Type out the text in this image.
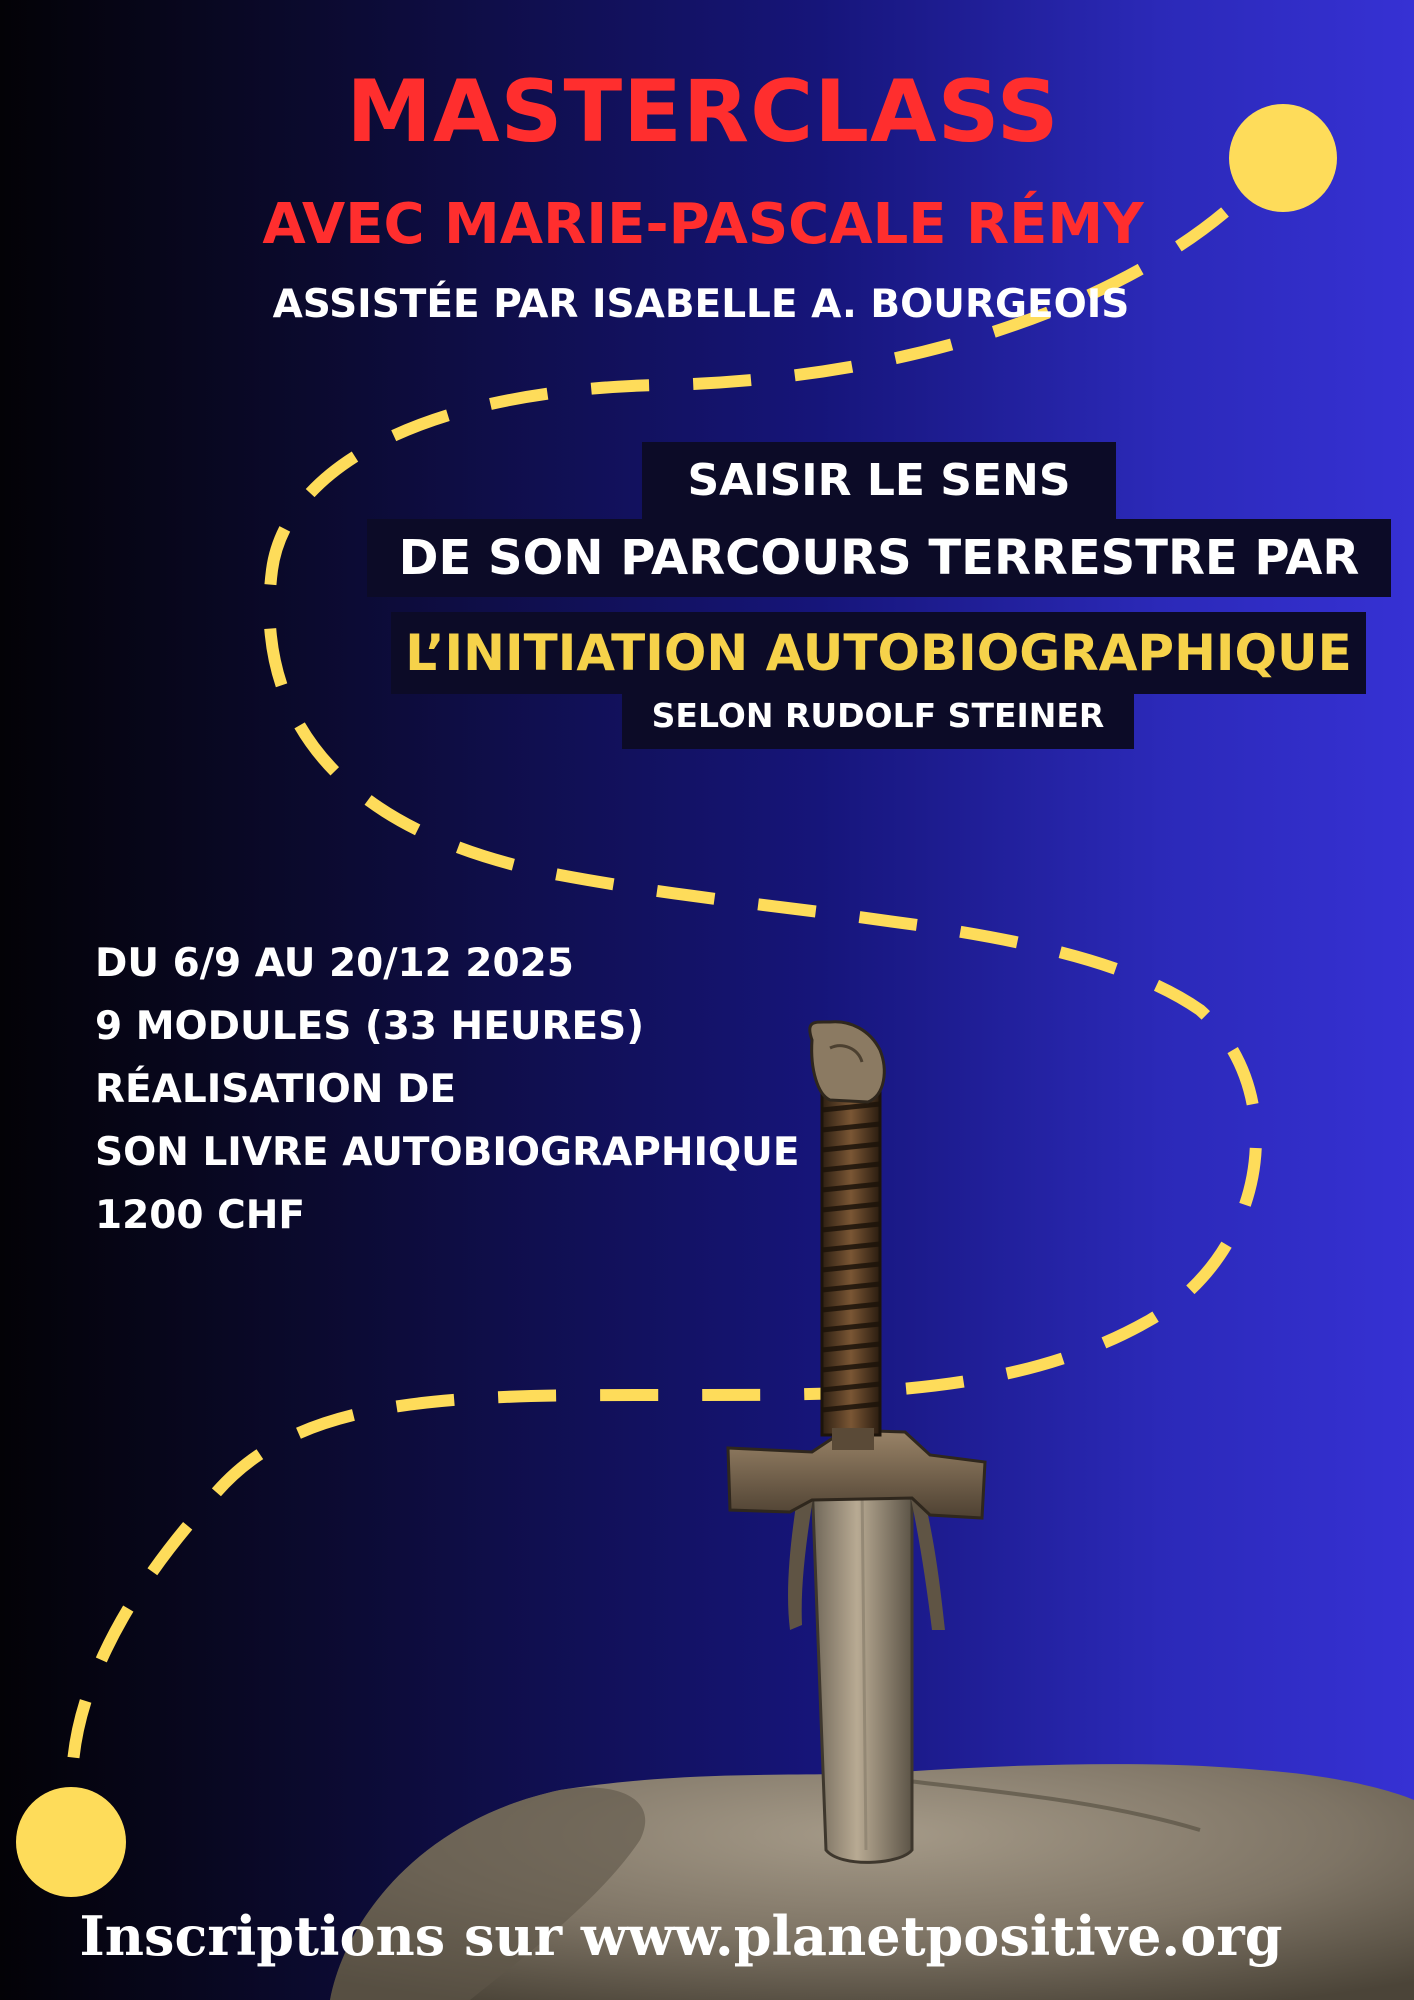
MASTERCLASS
AVEC MARIE-PASCALE RÉMY
ASSISTÉE PAR ISABELLE A. BOURGEOIS
SAISIR LE SENS
DE SON PARCOURS TERRESTRE PAR
L’INITIATION AUTOBIOGRAPHIQUE
SELON RUDOLF STEINER
DU 6/9 AU 20/12 2025
9 MODULES (33 HEURES)
RÉALISATION DE
SON LIVRE AUTOBIOGRAPHIQUE
1200 CHF
Inscriptions sur www.planetpositive.org
